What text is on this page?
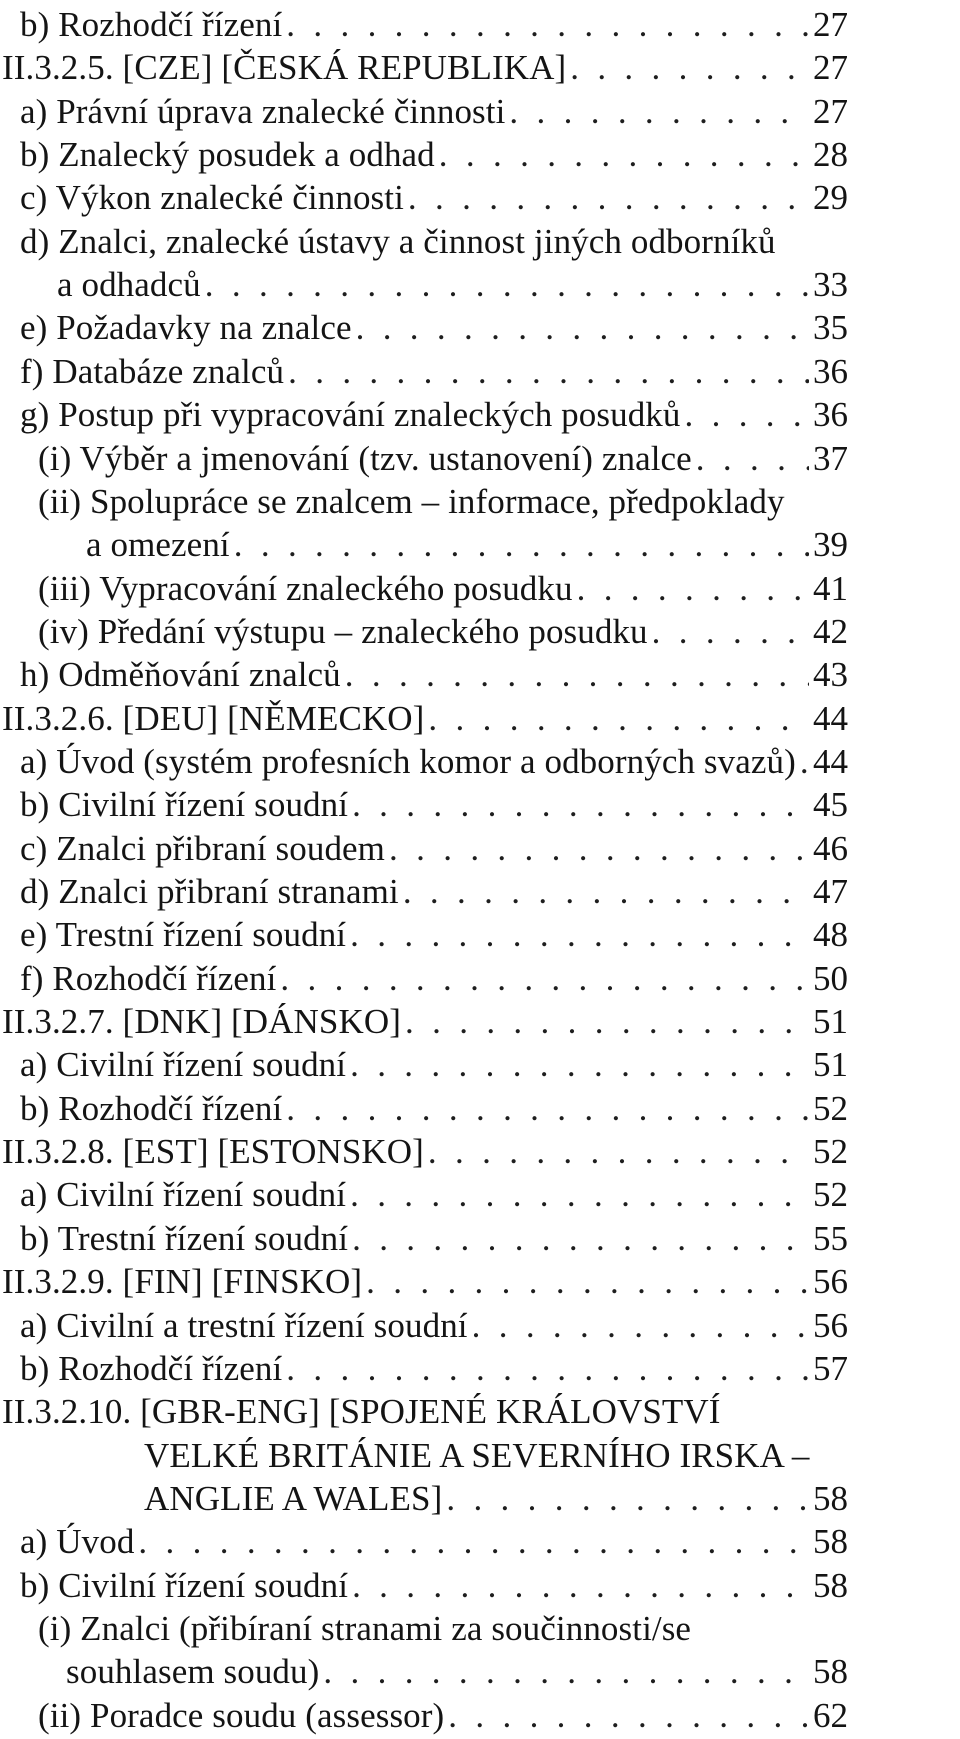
b) Rozhodčí řízení . . .	27
II.3.2.5. [CZE] [ČESKÁ REPUBLIKA] . . .	27
a) Právní úprava znalecké činnosti . . .	27
b) Znalecký posudek a odhad . . .	28
c) Výkon znalecké činnosti . . .	29
d) Znalci, znalecké ústavy a činnost jiných odborníků
a odhadců . . .	33
e) Požadavky na znalce . . .	35
f) Databáze znalců . . .	36
g) Postup při vypracování znaleckých posudků . . .	36
(i) Výběr a jmenování (tzv. ustanovení) znalce . . .	37
(ii) Spolupráce se znalcem – informace, předpoklady
a omezení . . .	39
(iii) Vypracování znaleckého posudku . . .	41
(iv) Předání výstupu – znaleckého posudku . . .	42
h) Odměňování znalců . . .	43
II.3.2.6. [DEU] [NĚMECKO] . . .	44
a) Úvod (systém profesních komor a odborných svazů) . . . 44
b) Civilní řízení soudní . . .	45
c) Znalci přibraní soudem . . .	46
d) Znalci přibraní stranami . . .	47
e) Trestní řízení soudní . . .	48
f) Rozhodčí řízení . . .	50
II.3.2.7. [DNK] [DÁNSKO] . . .	51
a) Civilní řízení soudní . . .	51
b) Rozhodčí řízení . . .	52
II.3.2.8. [EST] [ESTONSKO] . . .	52
a) Civilní řízení soudní . . .	52
b) Trestní řízení soudní . . .	55
II.3.2.9. [FIN] [FINSKO] . . .	56
a) Civilní a trestní řízení soudní . . .	56
b) Rozhodčí řízení . . .	57
II.3.2.10. [GBR-ENG] [SPOJENÉ KRÁLOVSTVÍ
VELKÉ BRITÁNIE A SEVERNÍHO IRSKA –
ANGLIE A WALES] . . .	58
a) Úvod . . .	58
b) Civilní řízení soudní . . .	58
(i) Znalci (přibíraní stranami za součinnosti/se
souhlasem soudu) . . .	58
(ii) Poradce soudu (assessor) . . .	62
